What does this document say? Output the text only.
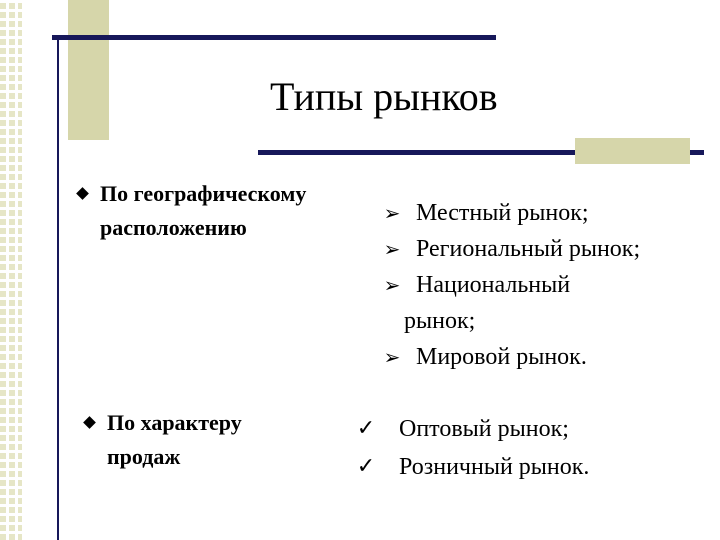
Типы рынков
По географическому
расположению
➢ Местный рынок;
➢ Региональный рынок;
➢ Национальный
рынок;
➢ Мировой рынок.
По характеру
продаж
✓ Оптовый рынок;
✓ Розничный рынок.
